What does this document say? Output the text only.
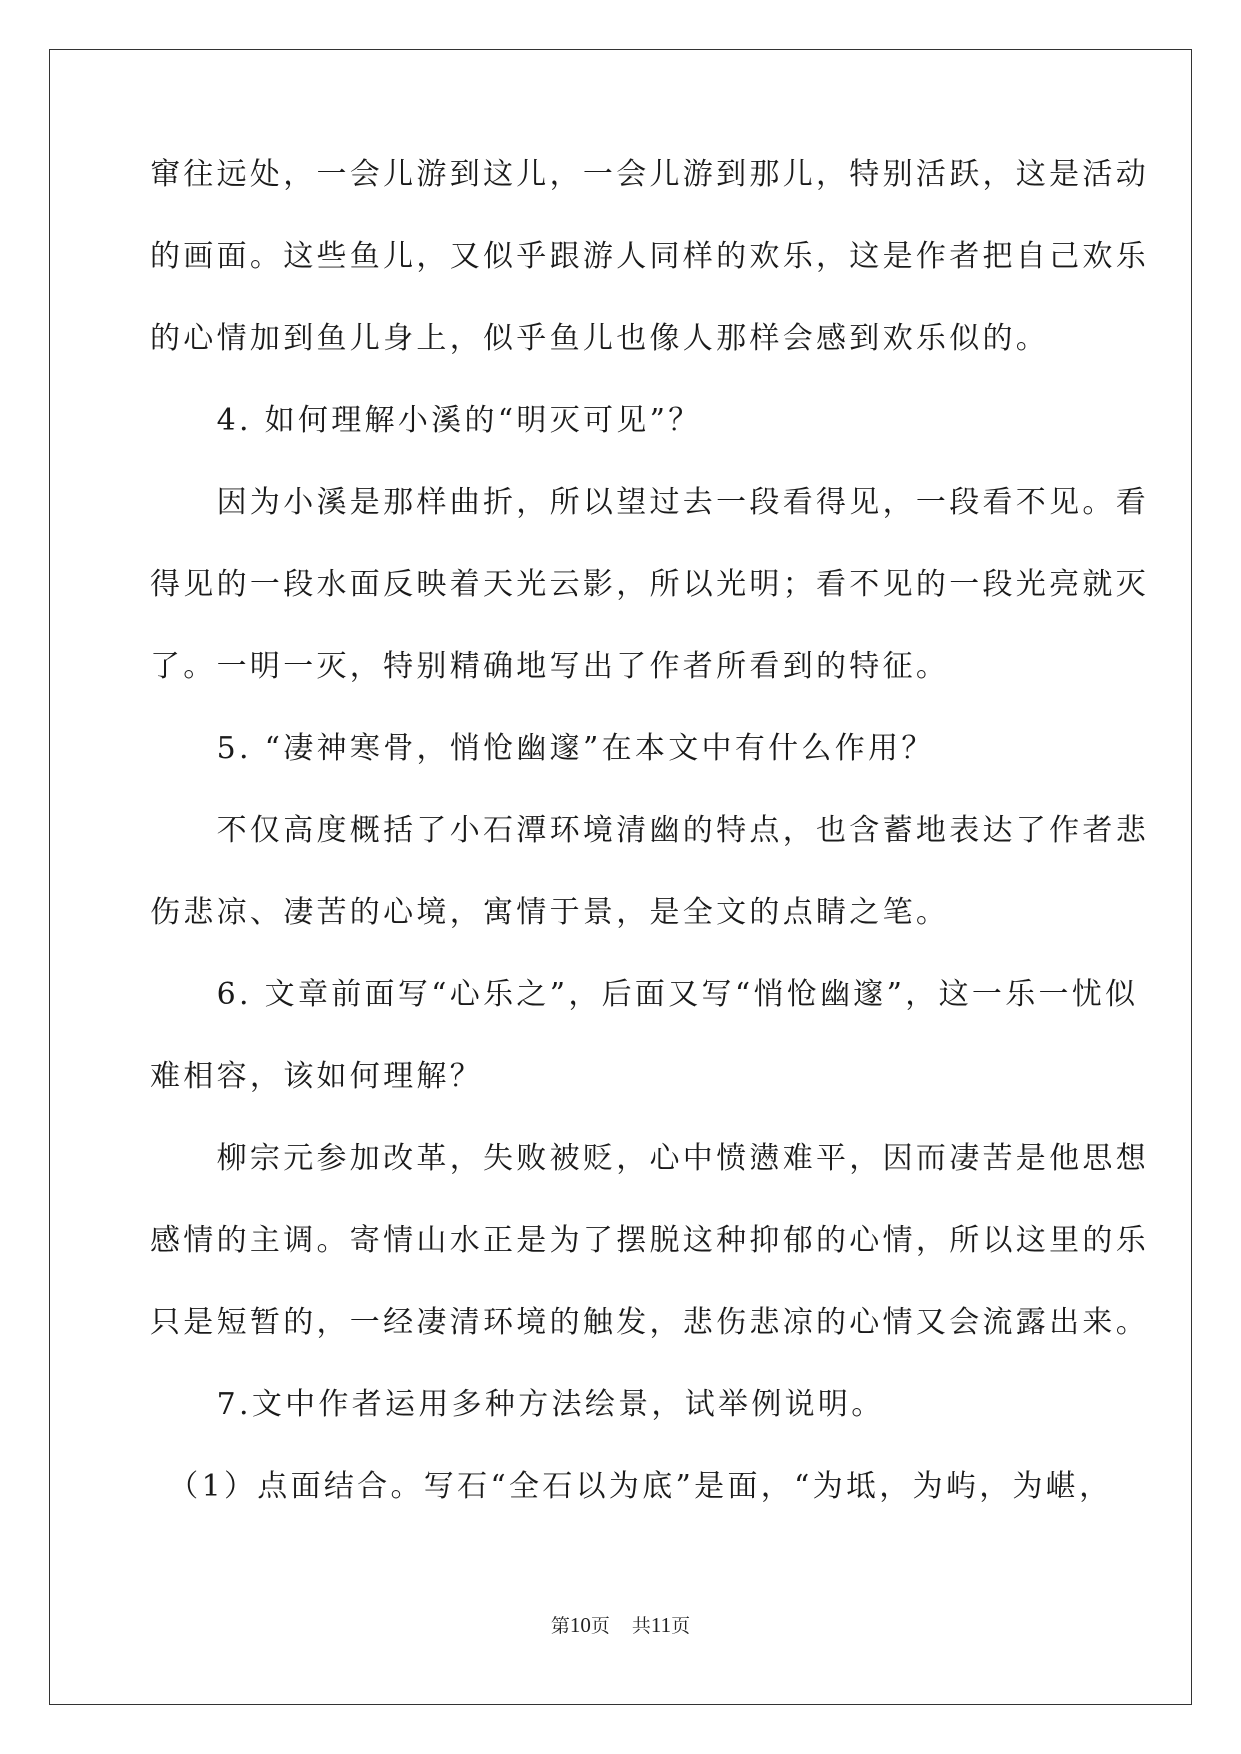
窜往远处，一会儿游到这儿，一会儿游到那儿，特别活跃，这是活动
的画面。这些鱼儿，又似乎跟游人同样的欢乐，这是作者把自己欢乐
的心情加到鱼儿身上，似乎鱼儿也像人那样会感到欢乐似的。
　　4. 如何理解小溪的“明灭可见”？
　　因为小溪是那样曲折，所以望过去一段看得见，一段看不见。看
得见的一段水面反映着天光云影，所以光明；看不见的一段光亮就灭
了。一明一灭，特别精确地写出了作者所看到的特征。
　　5. “凄神寒骨，悄怆幽邃”在本文中有什么作用？
　　不仅高度概括了小石潭环境清幽的特点，也含蓄地表达了作者悲
伤悲凉、凄苦的心境，寓情于景，是全文的点睛之笔。
　　6. 文章前面写“心乐之”，后面又写“悄怆幽邃”，这一乐一忧似
难相容，该如何理解？
　　柳宗元参加改革，失败被贬，心中愤懑难平，因而凄苦是他思想
感情的主调。寄情山水正是为了摆脱这种抑郁的心情，所以这里的乐
只是短暂的，一经凄清环境的触发，悲伤悲凉的心情又会流露出来。
　　7.文中作者运用多种方法绘景，试举例说明。
　（1）点面结合。写石“全石以为底”是面，“为坻，为屿，为嵁，
第10页 共11页
